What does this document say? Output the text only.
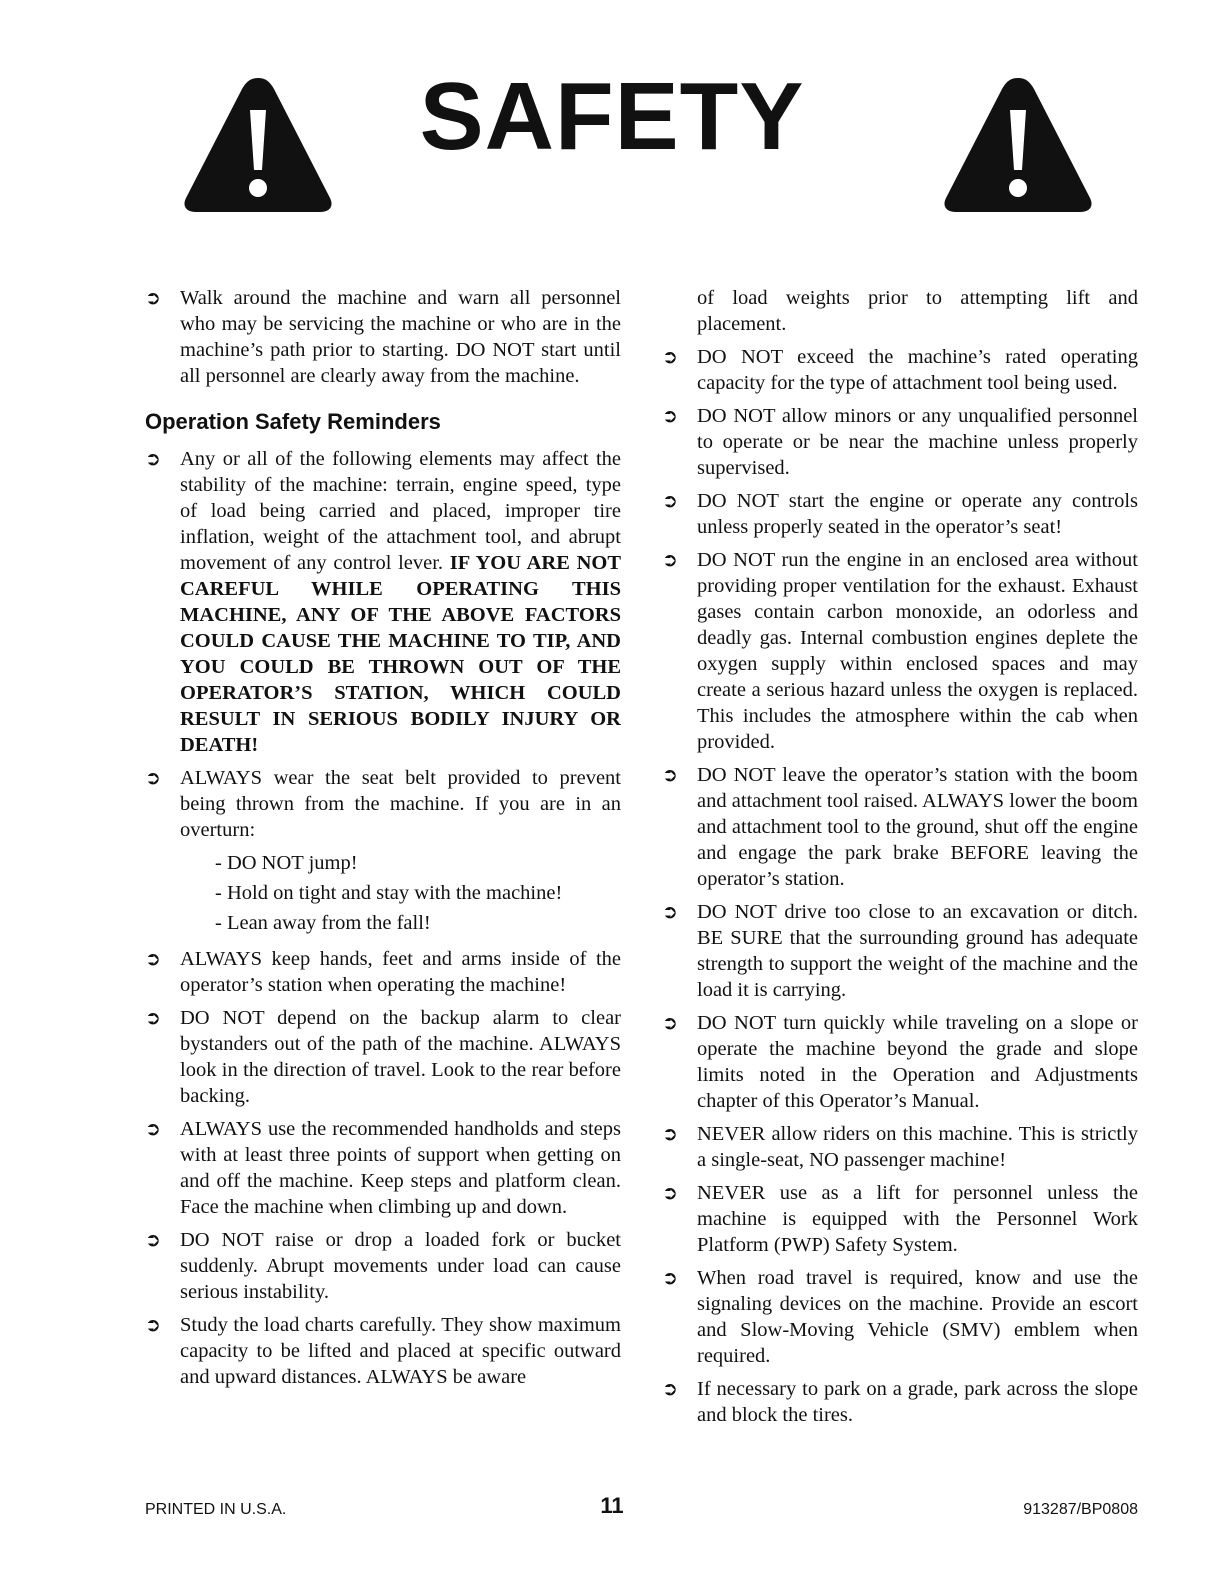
SAFETY
➲ Walk around the machine and warn all personnel who may be servicing the machine or who are in the machine’s path prior to starting. DO NOT start until all personnel are clearly away from the machine.
Operation Safety Reminders
➲ Any or all of the following elements may affect the stability of the machine: terrain, engine speed, type of load being carried and placed, improper tire inflation, weight of the attachment tool, and abrupt movement of any control lever. IF YOU ARE NOT CAREFUL WHILE OPERATING THIS MACHINE, ANY OF THE ABOVE FACTORS COULD CAUSE THE MACHINE TO TIP, AND YOU COULD BE THROWN OUT OF THE OPERATOR’S STATION, WHICH COULD RESULT IN SERIOUS BODILY INJURY OR DEATH!
➲ ALWAYS wear the seat belt provided to prevent being thrown from the machine. If you are in an overturn:
- DO NOT jump!
- Hold on tight and stay with the machine!
- Lean away from the fall!
➲ ALWAYS keep hands, feet and arms inside of the operator’s station when operating the machine!
➲ DO NOT depend on the backup alarm to clear bystanders out of the path of the machine. ALWAYS look in the direction of travel. Look to the rear before backing.
➲ ALWAYS use the recommended handholds and steps with at least three points of support when getting on and off the machine. Keep steps and platform clean. Face the machine when climbing up and down.
➲ DO NOT raise or drop a loaded fork or bucket suddenly. Abrupt movements under load can cause serious instability.
➲ Study the load charts carefully. They show maximum capacity to be lifted and placed at specific outward and upward distances. ALWAYS be aware

of load weights prior to attempting lift and placement.

➲ DO NOT exceed the machine’s rated operating capacity for the type of attachment tool being used.
➲ DO NOT allow minors or any unqualified personnel to operate or be near the machine unless properly supervised.
➲ DO NOT start the engine or operate any controls unless properly seated in the operator’s seat!
➲ DO NOT run the engine in an enclosed area without providing proper ventilation for the exhaust. Exhaust gases contain carbon monoxide, an odorless and deadly gas. Internal combustion engines deplete the oxygen supply within enclosed spaces and may create a serious hazard unless the oxygen is replaced. This includes the atmosphere within the cab when provided.
➲ DO NOT leave the operator’s station with the boom and attachment tool raised. ALWAYS lower the boom and attachment tool to the ground, shut off the engine and engage the park brake BEFORE leaving the operator’s station.
➲ DO NOT drive too close to an excavation or ditch. BE SURE that the surrounding ground has adequate strength to support the weight of the machine and the load it is carrying.
➲ DO NOT turn quickly while traveling on a slope or operate the machine beyond the grade and slope limits noted in the Operation and Adjustments chapter of this Operator’s Manual.
➲ NEVER allow riders on this machine. This is strictly a single-seat, NO passenger machine!
➲ NEVER use as a lift for personnel unless the machine is equipped with the Personnel Work Platform (PWP) Safety System.
➲ When road travel is required, know and use the signaling devices on the machine. Provide an escort and Slow-Moving Vehicle (SMV) emblem when required.
➲ If necessary to park on a grade, park across the slope and block the tires.
PRINTED IN U.S.A.	11	913287/BP0808
